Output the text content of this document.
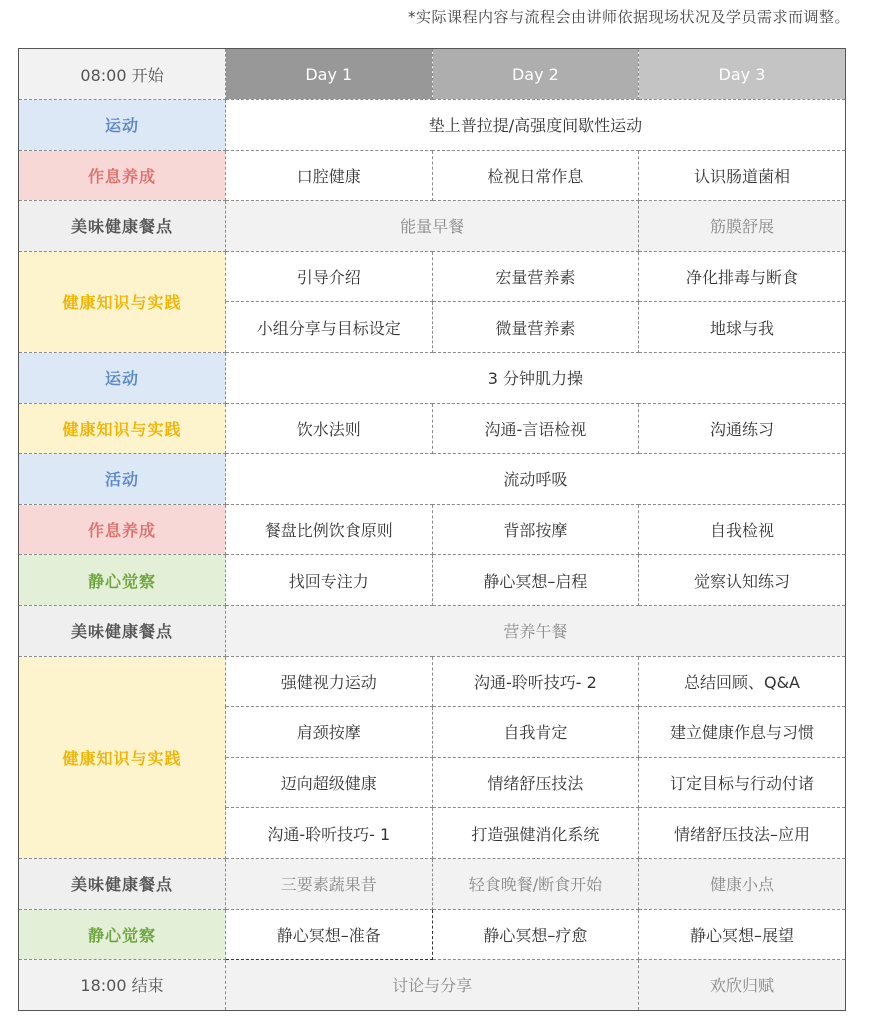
*实际课程内容与流程会由讲师依据现场状况及学员需求而调整。
08:00 开始	Day 1	Day 2	Day 3
运动	垫上普拉提/高强度间歇性运动		
作息养成	口腔健康	检视日常作息	认识肠道菌相
美味健康餐点	能量早餐		筋膜舒展
健康知识与实践	引导介绍	宏量营养素	净化排毒与断食
	小组分享与目标设定	微量营养素	地球与我
运动	3 分钟肌力操		
健康知识与实践	饮水法则	沟通-言语检视	沟通练习
活动	流动呼吸		
作息养成	餐盘比例饮食原则	背部按摩	自我检视
静心觉察	找回专注力	静心冥想–启程	觉察认知练习
美味健康餐点	营养午餐		
健康知识与实践	强健视力运动	沟通-聆听技巧- 2	总结回顾、Q&A
	肩颈按摩	自我肯定	建立健康作息与习惯
	迈向超级健康	情绪舒压技法	订定目标与行动付诸
	沟通-聆听技巧- 1	打造强健消化系统	情绪舒压技法–应用
美味健康餐点	三要素蔬果昔	轻食晚餐/断食开始	健康小点
静心觉察	静心冥想–准备	静心冥想–疗愈	静心冥想–展望
18:00 结束	讨论与分享		欢欣归赋
